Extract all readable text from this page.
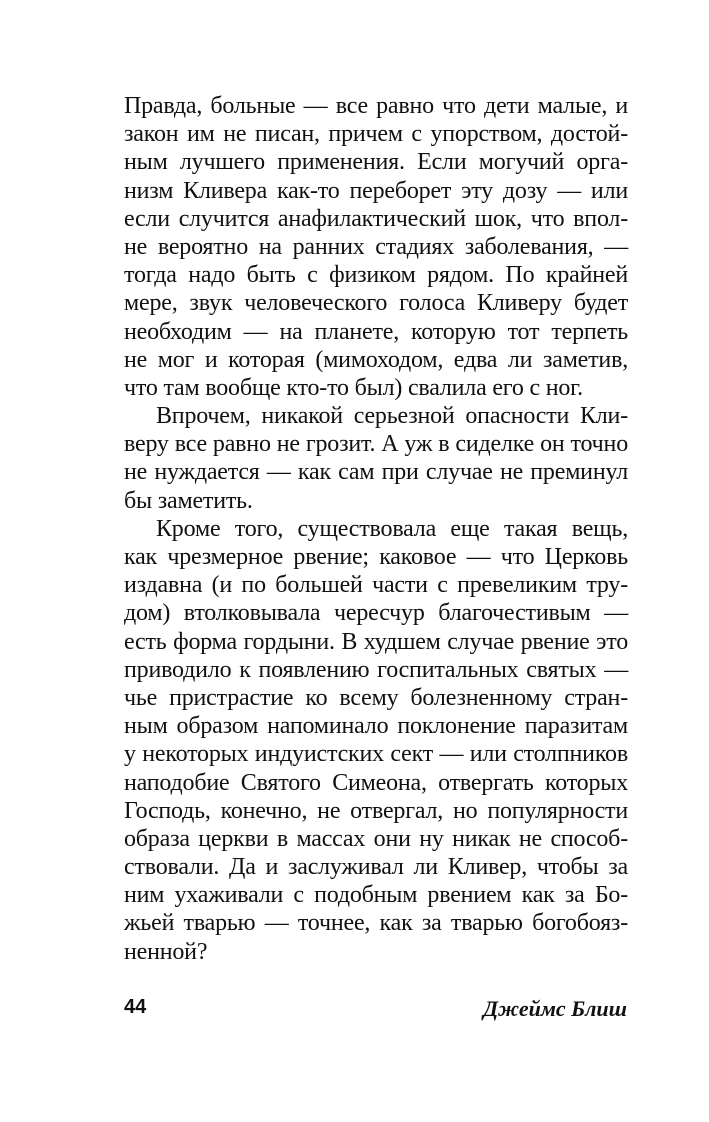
Правда, больные — все равно что дети малые, и
закон им не писан, причем с упорством, достой-
ным лучшего применения. Если могучий орга-
низм Кливера как-то переборет эту дозу — или
если случится анафилактический шок, что впол-
не вероятно на ранних стадиях заболевания, —
тогда надо быть с физиком рядом. По крайней
мере, звук человеческого голоса Кливеру будет
необходим — на планете, которую тот терпеть
не мог и которая (мимоходом, едва ли заметив,
что там вообще кто-то был) свалила его с ног.
Впрочем, никакой серьезной опасности Кли-
веру все равно не грозит. А уж в сиделке он точно
не нуждается — как сам при случае не преминул
бы заметить.
Кроме того, существовала еще такая вещь,
как чрезмерное рвение; каковое — что Церковь
издавна (и по большей части с превеликим тру-
дом) втолковывала чересчур благочестивым —
есть форма гордыни. В худшем случае рвение это
приводило к появлению госпитальных святых —
чье пристрастие ко всему болезненному стран-
ным образом напоминало поклонение паразитам
у некоторых индуистских сект — или столпников
наподобие Святого Симеона, отвергать которых
Господь, конечно, не отвергал, но популярности
образа церкви в массах они ну никак не способ-
ствовали. Да и заслуживал ли Кливер, чтобы за
ним ухаживали с подобным рвением как за Бо-
жьей тварью — точнее, как за тварью богобояз-
ненной?
44	Джеймс Блиш
